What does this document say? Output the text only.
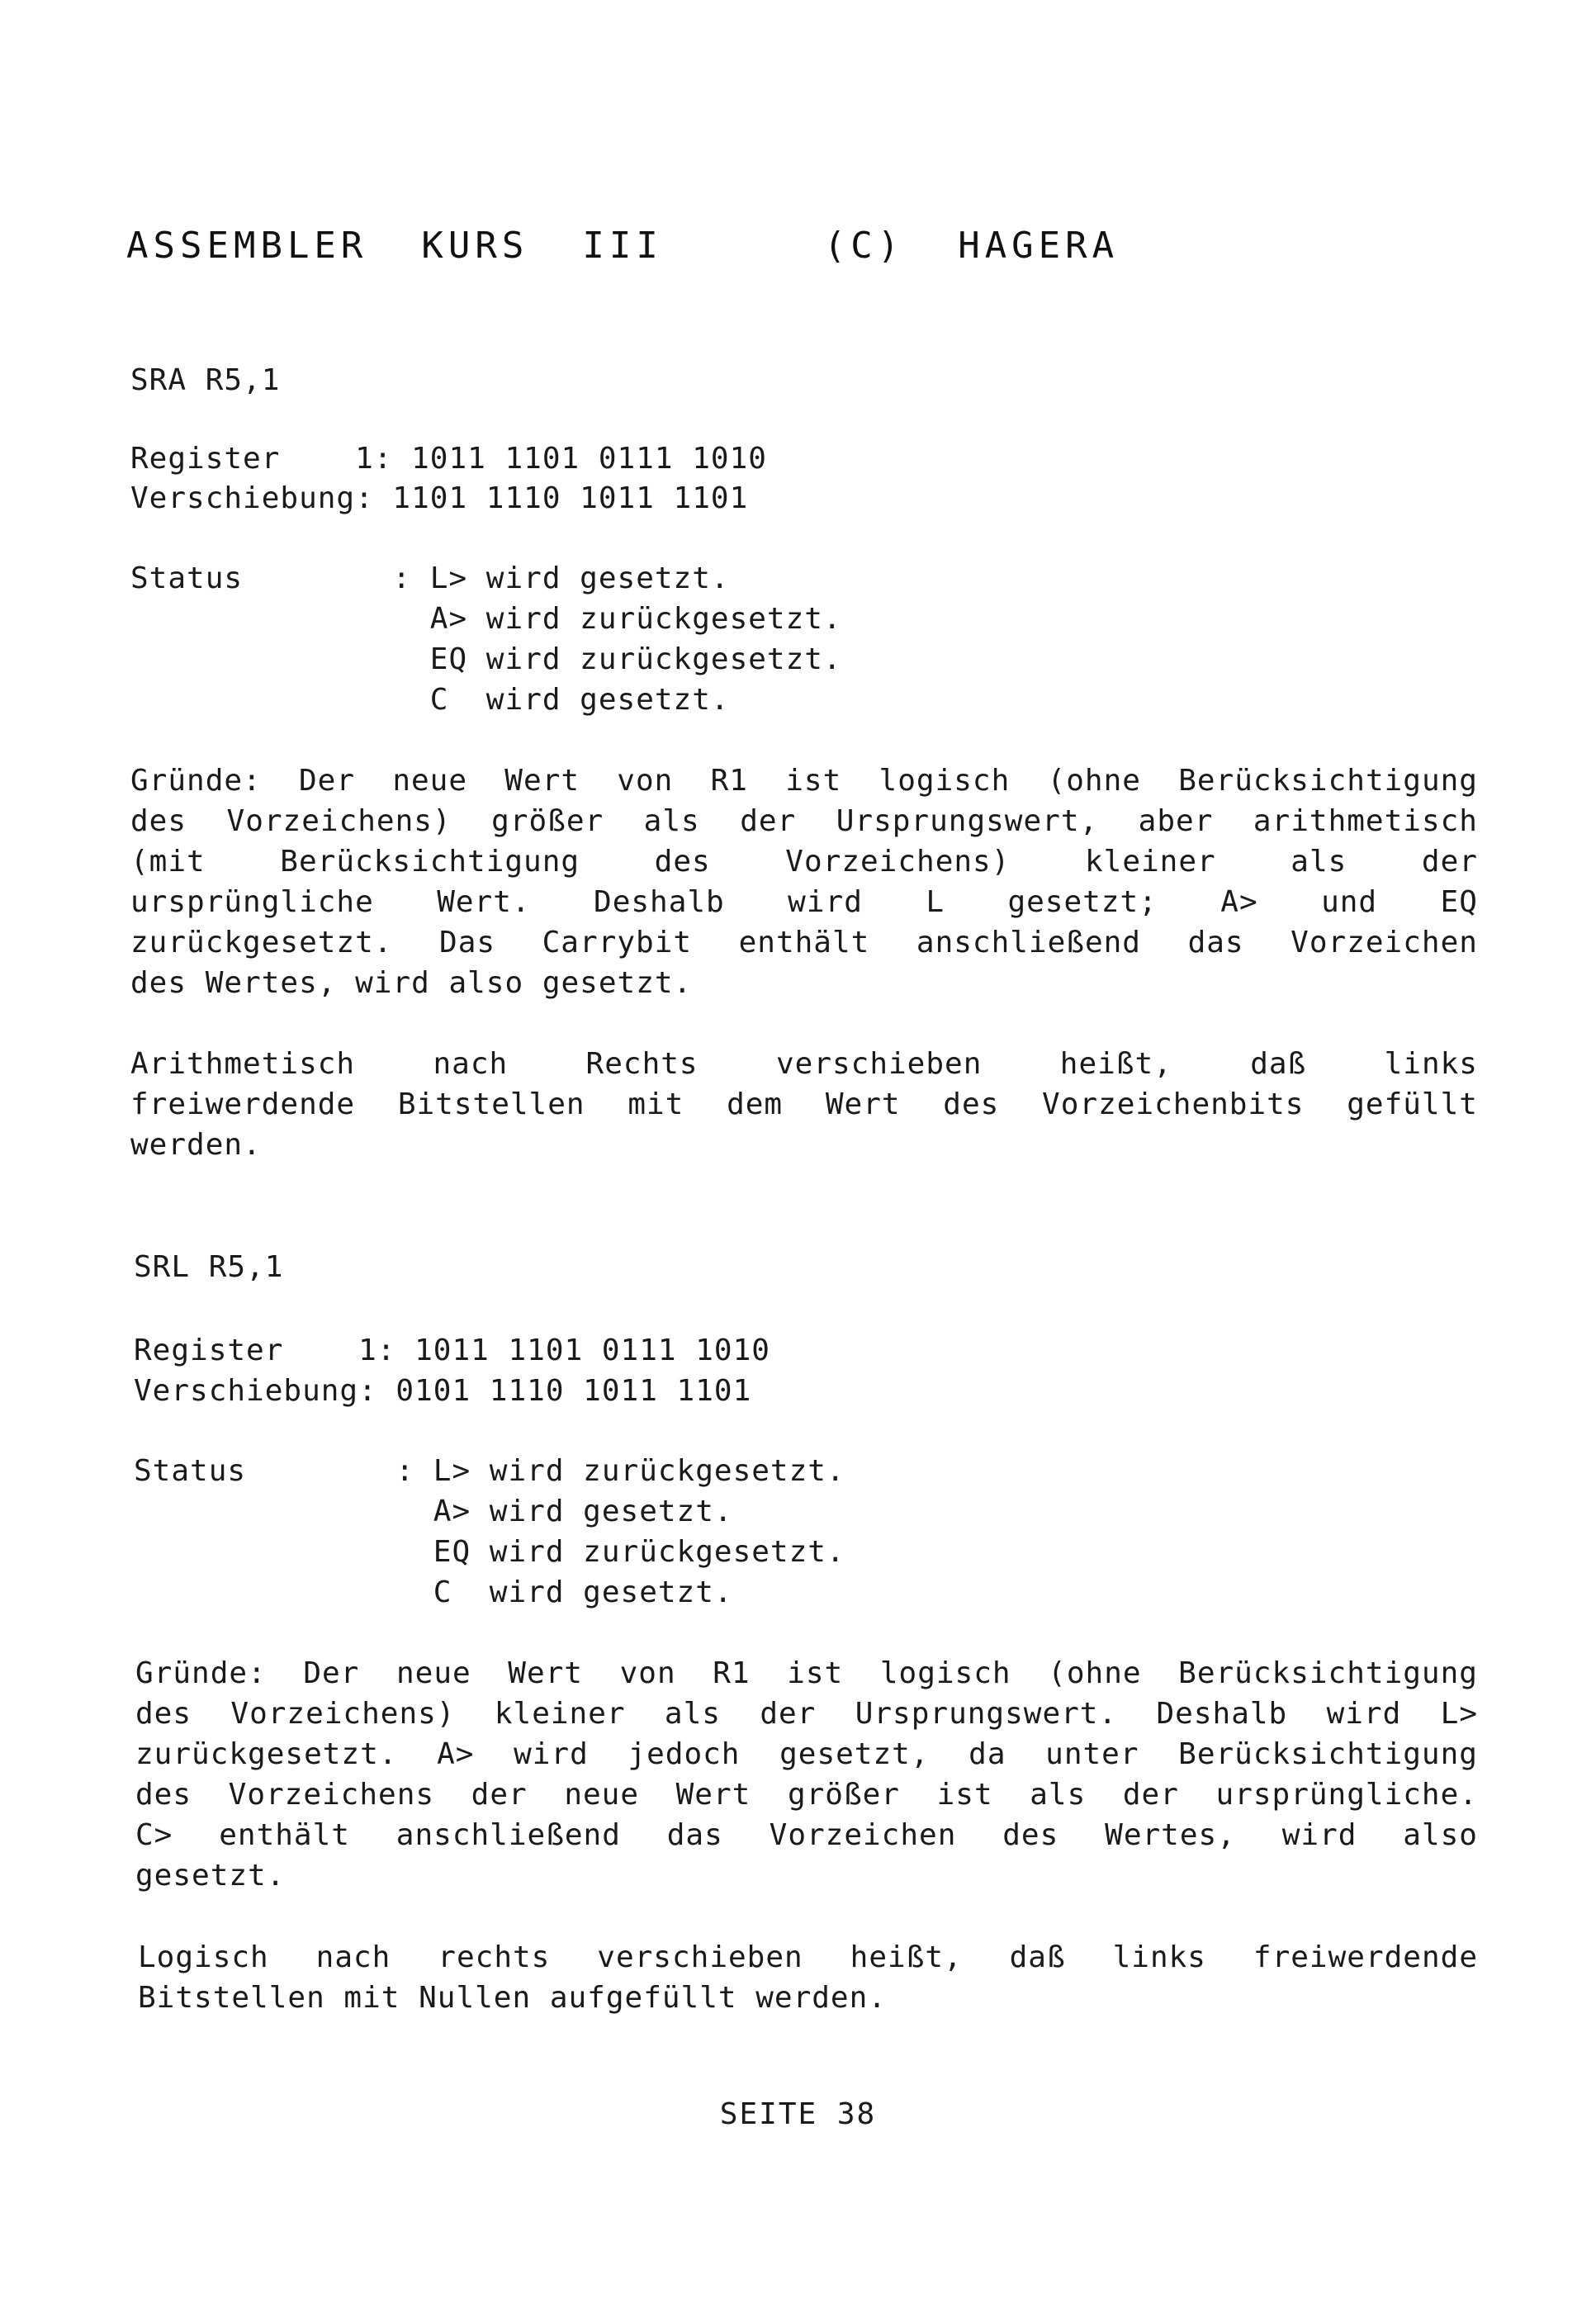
ASSEMBLER  KURS  III      (C)  HAGERA
SRA R5,1
Register    1: 1011 1101 0111 1010
Verschiebung: 1101 1110 1011 1101
Status        : L> wird gesetzt.
A> wird zurückgesetzt.
EQ wird zurückgesetzt.
C  wird gesetzt.
Gründe: Der neue Wert von R1 ist logisch (ohne Berücksichtigung
des Vorzeichens) größer als der Ursprungswert, aber arithmetisch
(mit	Berücksichtigung	des	Vorzeichens)	kleiner	als	der
ursprüngliche Wert. Deshalb wird L gesetzt; A> und EQ
zurückgesetzt. Das Carrybit enthält anschließend das Vorzeichen
des Wertes, wird also gesetzt.
Arithmetisch	nach	Rechts	verschieben	heißt,	daß	links
freiwerdende Bitstellen mit dem Wert des Vorzeichenbits gefüllt
werden.
SRL R5,1
Register    1: 1011 1101 0111 1010
Verschiebung: 0101 1110 1011 1101
Status        : L> wird zurückgesetzt.
A> wird gesetzt.
EQ wird zurückgesetzt.
C  wird gesetzt.
Gründe: Der neue Wert von R1 ist logisch (ohne Berücksichtigung
des Vorzeichens) kleiner als der Ursprungswert. Deshalb wird L>
zurückgesetzt. A> wird jedoch gesetzt, da unter Berücksichtigung
des Vorzeichens der neue Wert größer ist als der ursprüngliche.
C> enthält anschließend das Vorzeichen des Wertes, wird also
gesetzt.
Logisch nach rechts verschieben heißt, daß links freiwerdende
Bitstellen mit Nullen aufgefüllt werden.
SEITE 38
